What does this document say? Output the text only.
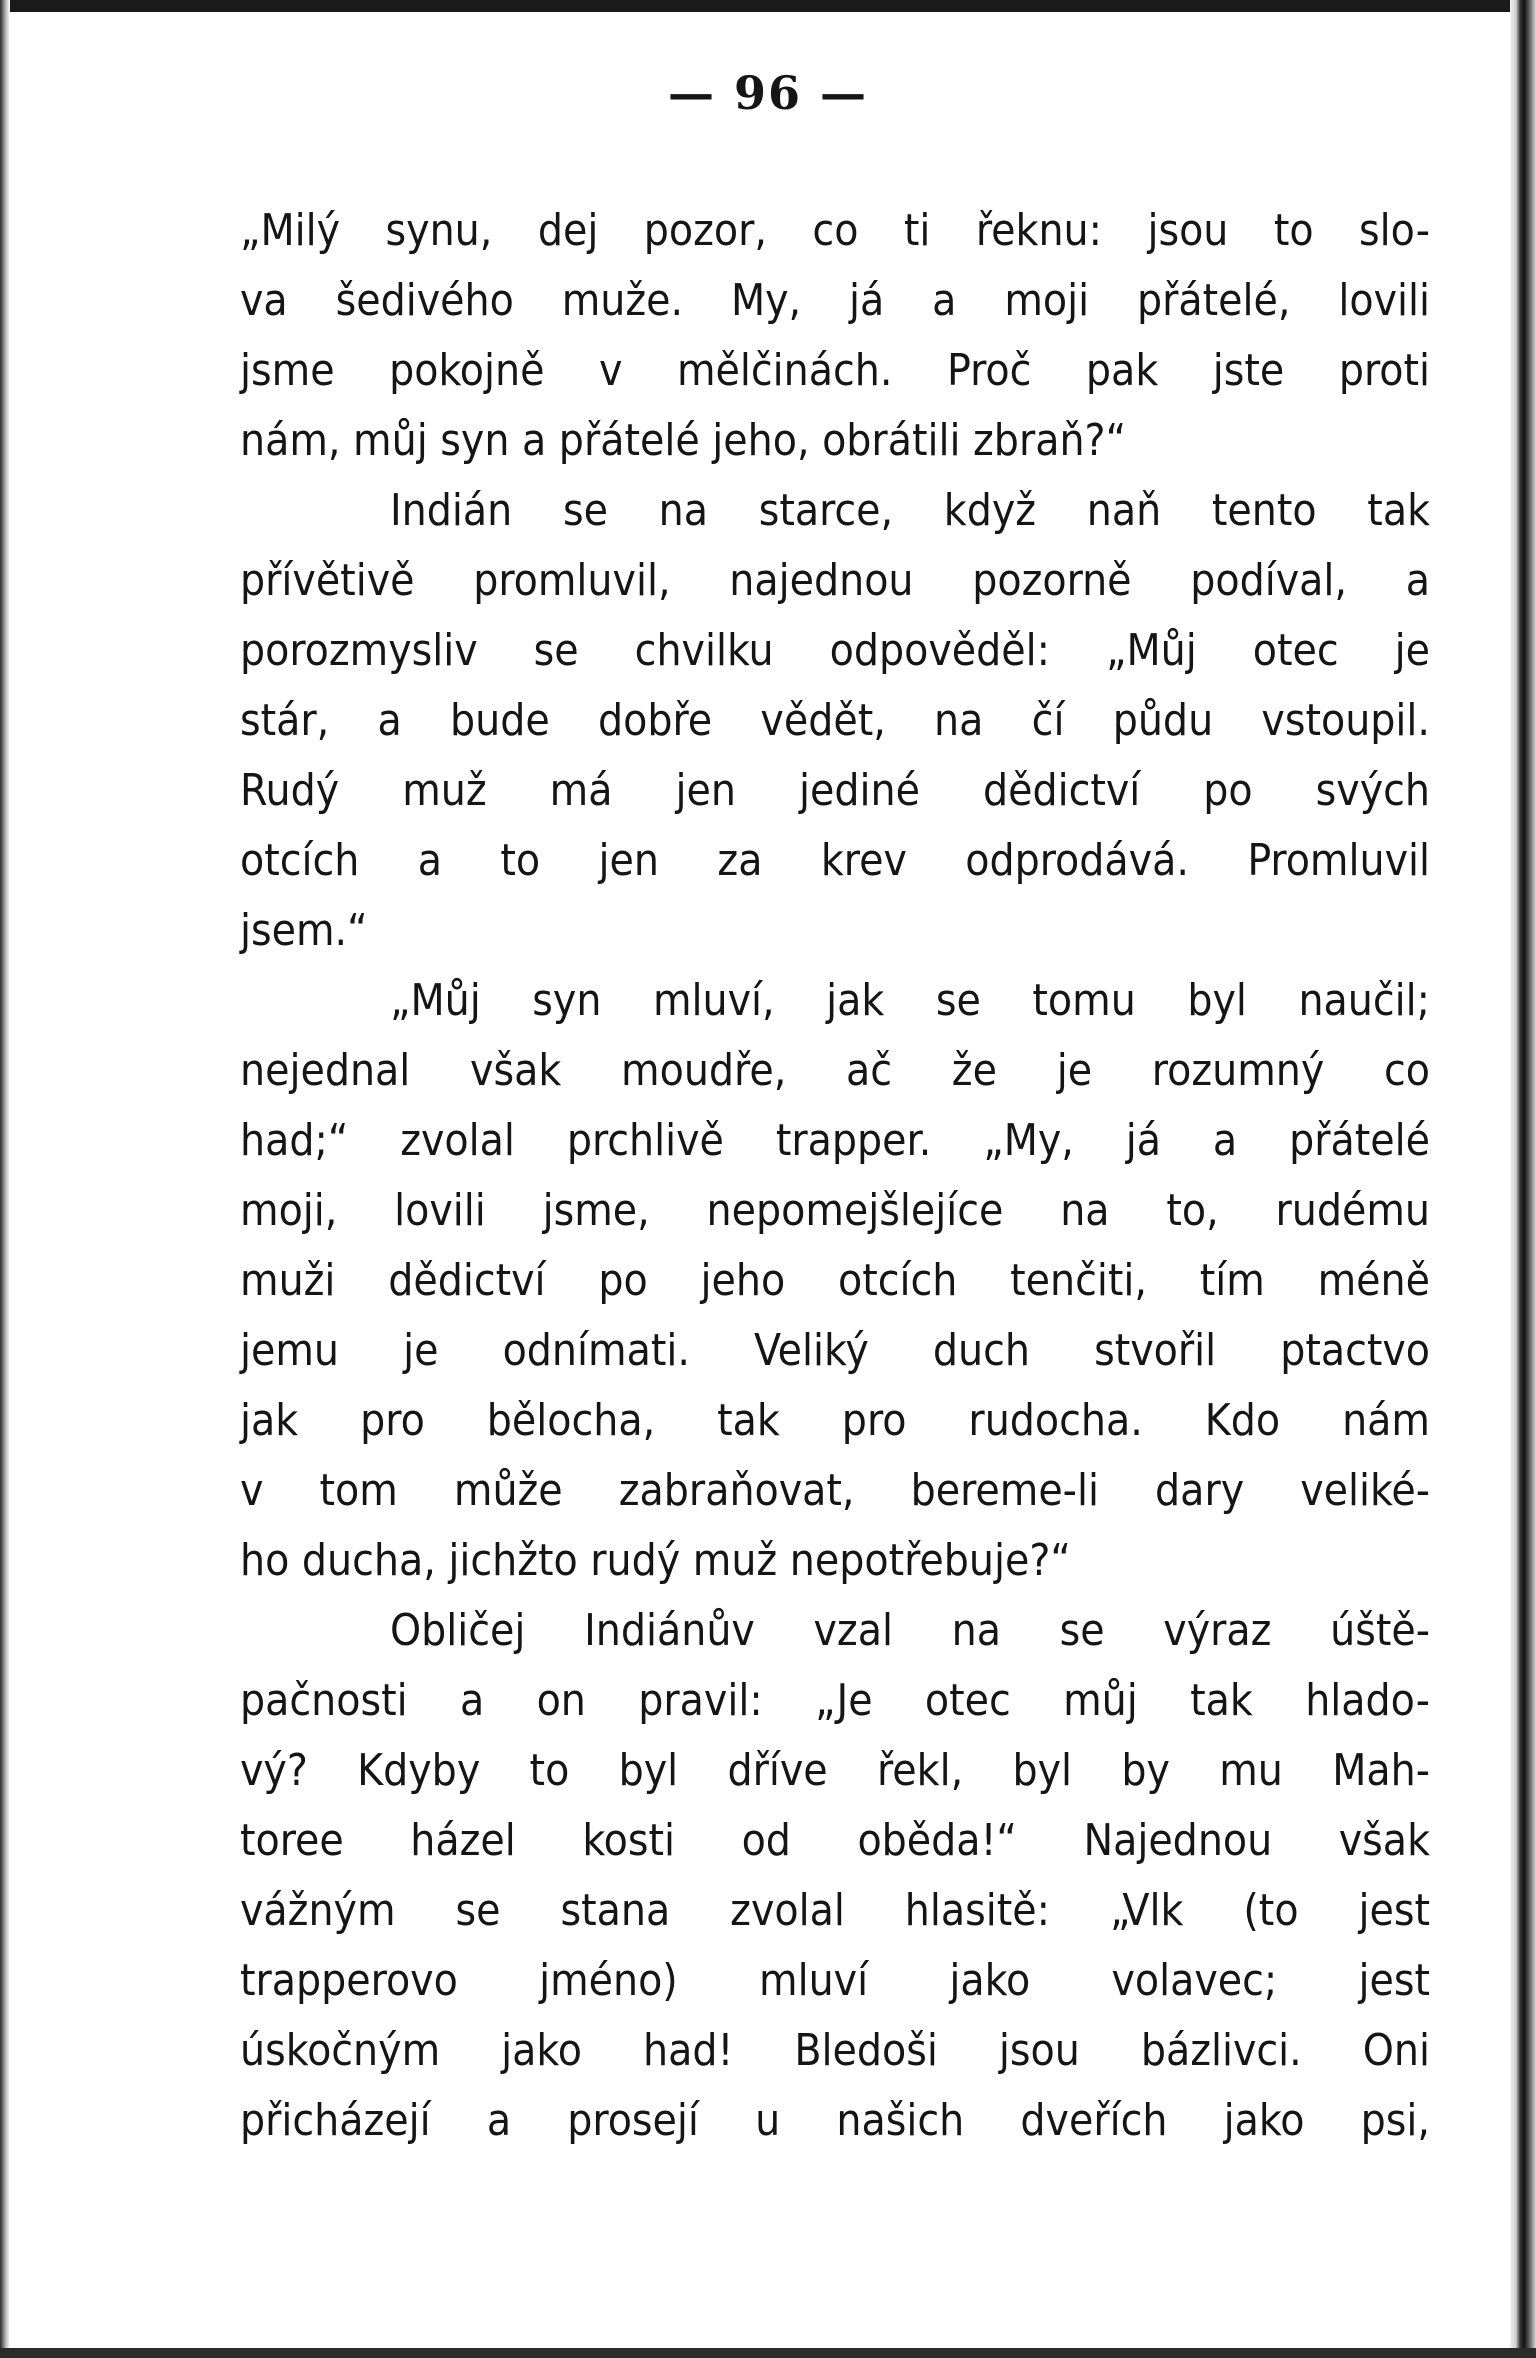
— 96 —
„Milý synu, dej pozor, co ti řeknu: jsou to slo-
va šedivého muže. My, já a moji přátelé, lovili
jsme pokojně v mělčinách. Proč pak jste proti
nám, můj syn a přátelé jeho, obrátili zbraň?“
Indián se na starce, když naň tento tak
přívětivě promluvil, najednou pozorně podíval, a
porozmysliv se chvilku odpověděl: „Můj otec je
stár, a bude dobře vědět, na čí půdu vstoupil.
Rudý muž má jen jediné dědictví po svých
otcích a to jen za krev odprodává. Promluvil
jsem.“
„Můj syn mluví, jak se tomu byl naučil;
nejednal však moudře, ač že je rozumný co
had;“ zvolal prchlivě trapper. „My, já a přátelé
moji, lovili jsme, nepomejšlejíce na to, rudému
muži dědictví po jeho otcích tenčiti, tím méně
jemu je odnímati. Veliký duch stvořil ptactvo
jak pro bělocha, tak pro rudocha. Kdo nám
v tom může zabraňovat, bereme-li dary veliké-
ho ducha, jichžto rudý muž nepotřebuje?“
Obličej Indiánův vzal na se výraz úště-
pačnosti a on pravil: „Je otec můj tak hlado-
vý? Kdyby to byl dříve řekl, byl by mu Mah-
toree házel kosti od oběda!“ Najednou však
vážným se stana zvolal hlasitě: „Vlk (to jest
trapperovo jméno) mluví jako volavec; jest
úskočným jako had! Bledoši jsou bázlivci. Oni
přicházejí a prosejí u našich dveřích jako psi,
